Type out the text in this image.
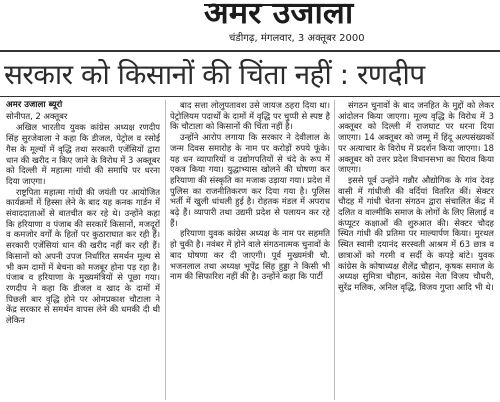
अमर उजाला
चंडीगढ़, मंगलवार, 3 अक्तूबर 2000
सरकार को किसानों की चिंता नहीं : रणदीप

अमर उजाला ब्यूरो

सोनीपत, 2 अक्तूबर

अखिल भारतीय युवक कांग्रेस अध्यक्ष रणदीप सिंह सुरजेवाला ने कहा कि डीजल, पेट्रोल व रसोई गैस के मूल्यों में वृद्धि तथा सरकारी एजेंसियों द्वारा धान की खरीद न किए जाने के विरोध में 3 अक्तूबर को दिल्ली में महात्मा गांधी की समाधि पर धरना दिया जाएगा।

राष्ट्रपिता महात्मा गांधी की जयंती पर आयोजित कार्यक्रमों में हिस्सा लेने के बाद यह कनक गार्डन में संवाददाताओं से बातचीत कर रहे थे। उन्होंने कहा कि हरियाणा व पंजाब की सरकारें किसानों, मजदूरों व कमजोर वर्गों के हितों पर कुठाराघात कर रही हैं। सरकारी एजेंसियां धान की खरीद नहीं कर रही हैं। किसानों को अपनी उपज निर्धारित समर्थन मूल्य से भी कम दामों में बेचना को मजबूर होना पड़ रहा है। पंजाब व हरियाणा के मुख्यमंत्रियों से पूछा गया। रणदीप ने कहा कि डीजल व खाद के दामों में पिछली बार वृद्धि होने पर ओमप्रकाश चौटाला ने केंद्र सरकार से समर्थन वापस लेने की धमकी दी थी लेकिन

बाद सत्ता लोलुपतावश उसे जायज ठहरा दिया था। पेट्रोलियम पदार्थों के दामों में वृद्धि पर चुप्पी से स्पष्ट है कि चौटाला को किसानों की चिंता नहीं है।

उन्होंने आरोप लगाया कि सरकार ने देवीलाल के जन्म दिवस समारोह के नाम पर करोड़ों रुपये फूंके। यह धन व्यापारियों व उद्योगपतियों से चंदे के रूप में एकत्र किया गया। युद्धाभ्यास खोलने की घोषणा कर हरियाणा की संस्कृति का मजाक उड़ाया गया। प्रदेश में पुलिस का राजनीतिकरण कर दिया गया है। पुलिस भर्ती में खुली धांधली हुई है। रोहतक मंडल में अपराध बढ़े हैं। व्यापारी तथा उद्यमी प्रदेश से पलायन कर रहे हैं।

हरियाणा युवक कांग्रेस अध्यक्ष के नाम पर सहमति हो चुकी है। नवंबर में होने वाले संगठनात्मक चुनावों के बाद घोषणा कर दी जाएगी। पूर्व मुख्यमंत्री चौ. भजनलाल तथा अध्यक्ष भूपेंद्र सिंह हुड्डा ने किसी भी नाम की सिफारिश नहीं की है। उन्होंने कहा कि पार्टी

संगठन चुनावों के बाद जनहित के मुद्दों को लेकर आंदोलन किया जाएगा। मूल्य वृद्धि के विरोध में 3 अक्तूबर को दिल्ली में राजघाट पर धरना दिया जाएगा। 14 अक्तूबर को जम्मू में हिंदू अल्पसंख्यकों पर अत्याचार के विरोध में प्रदर्शन किया जाएगा। 18 अक्तूबर को उत्तर प्रदेश विधानसभा का घिराव किया जाएगा।

इससे पूर्व उन्होंने गन्नौर औद्योगिक के गांव देवड़ वासी में गांधीजी की वर्दियां वितरित कीं। सेक्टर चौदह में गांधी चेतना संगठन द्वारा संचालित केंद्र में दलित व वाल्मीकि समाज के लोगों के लिए सिलाई व कंप्यूटर कक्षाओं की शुरुआत की। सेक्टर चौदह स्थित गांधी की प्रतिमा पर माल्यार्पण किया। मुरथल स्थित स्वामी दयानंद सरस्वती आश्रम में 63 छात्र व छात्राओं को गरमी व सर्दी के कपड़े बांटे। युवक कांग्रेस के कोषाध्यक्ष शैलेंद्र चौहान, कृषक समाज के अध्यक्ष सुमित्रा चौहान, कांग्रेस नेता विजय चौधरी, सुरेंद्र मलिक, अनिल वृद्धि, विजय गुप्ता आदि भी थे।
